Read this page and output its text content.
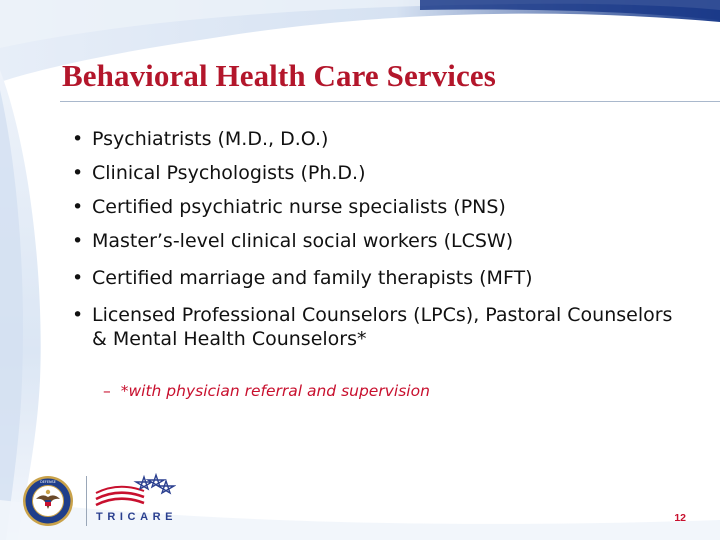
Behavioral Health Care Services
• Psychiatrists (M.D., D.O.)
• Clinical Psychologists (Ph.D.)
• Certified psychiatric nurse specialists (PNS)
• Master’s-level clinical social workers (LCSW)
• Certified marriage and family therapists (MFT)
• Licensed Professional Counselors (LPCs), Pastoral Counselors & Mental Health Counselors*
– *with physician referral and supervision
DEFENSE
TRICARE	12
